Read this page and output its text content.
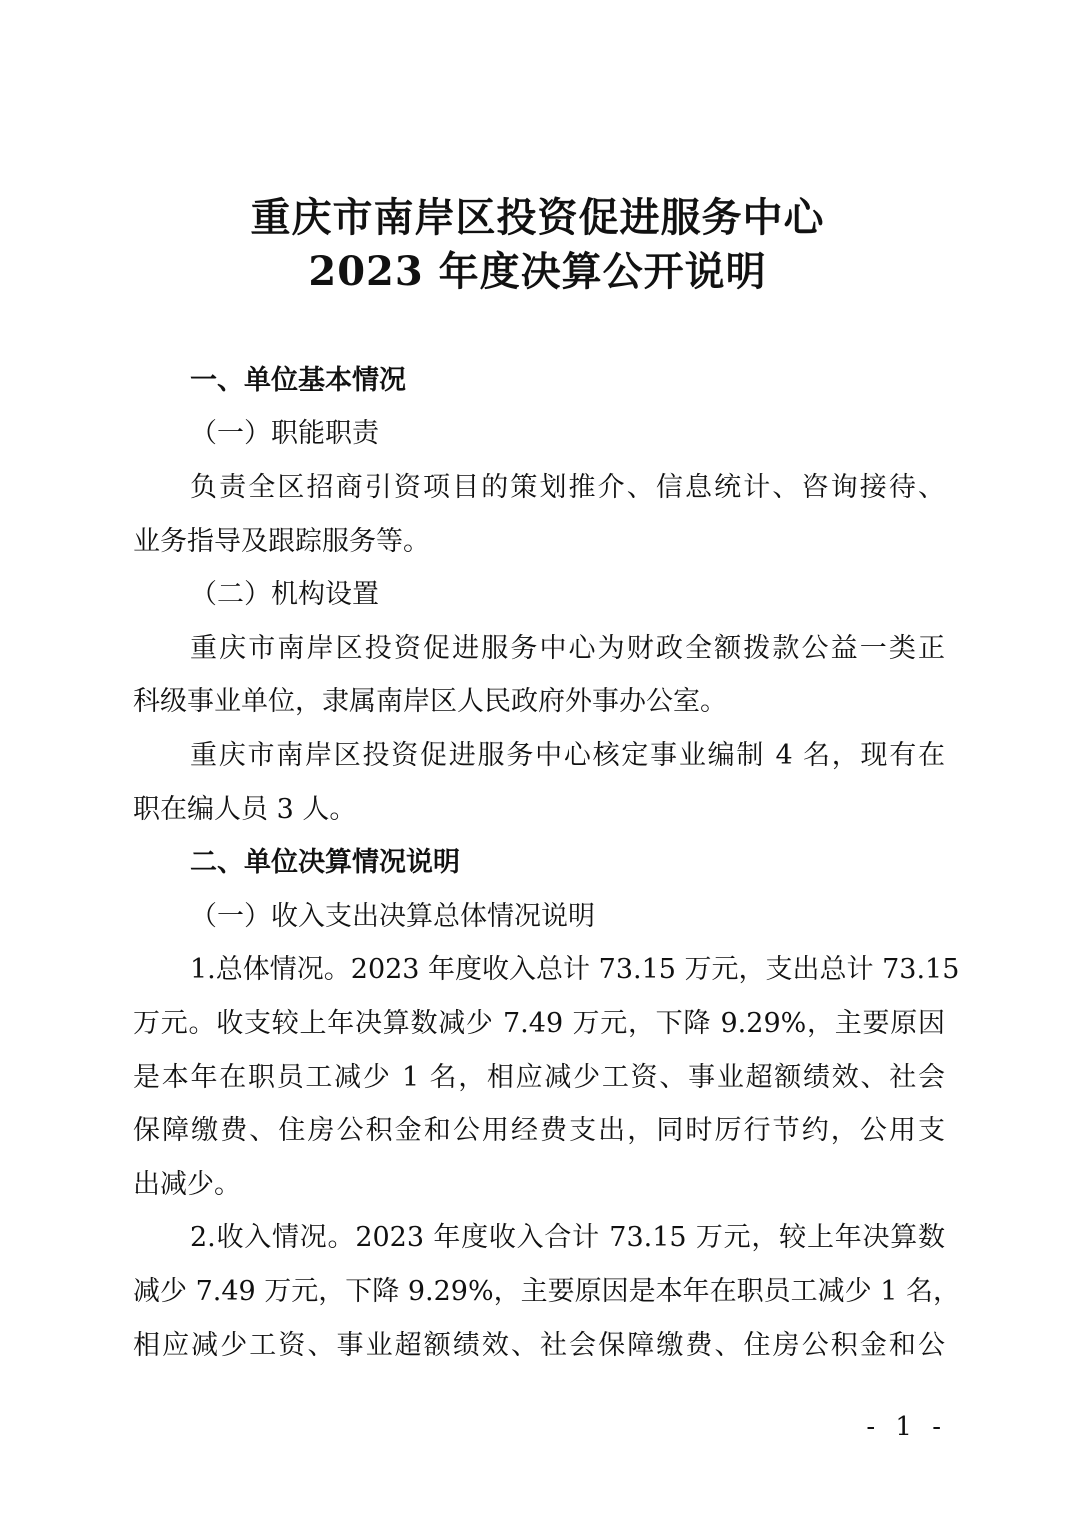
重庆市南岸区投资促进服务中心
2023 年度决算公开说明

一、单位基本情况

（一）职能职责

负责全区招商引资项目的策划推介、信息统计、咨询接待、

业务指导及跟踪服务等。

（二）机构设置

重庆市南岸区投资促进服务中心为财政全额拨款公益一类正

科级事业单位，隶属南岸区人民政府外事办公室。

重庆市南岸区投资促进服务中心核定事业编制 4 名，现有在

职在编人员 3 人。

二、单位决算情况说明

（一）收入支出决算总体情况说明

1.总体情况。2023 年度收入总计 73.15 万元，支出总计 73.15

万元。收支较上年决算数减少 7.49 万元，下降 9.29%，主要原因

是本年在职员工减少 1 名，相应减少工资、事业超额绩效、社会

保障缴费、住房公积金和公用经费支出，同时厉行节约，公用支

出减少。

2.收入情况。2023 年度收入合计 73.15 万元，较上年决算数

减少 7.49 万元，下降 9.29%，主要原因是本年在职员工减少 1 名，

相应减少工资、事业超额绩效、社会保障缴费、住房公积金和公

- 1 -
